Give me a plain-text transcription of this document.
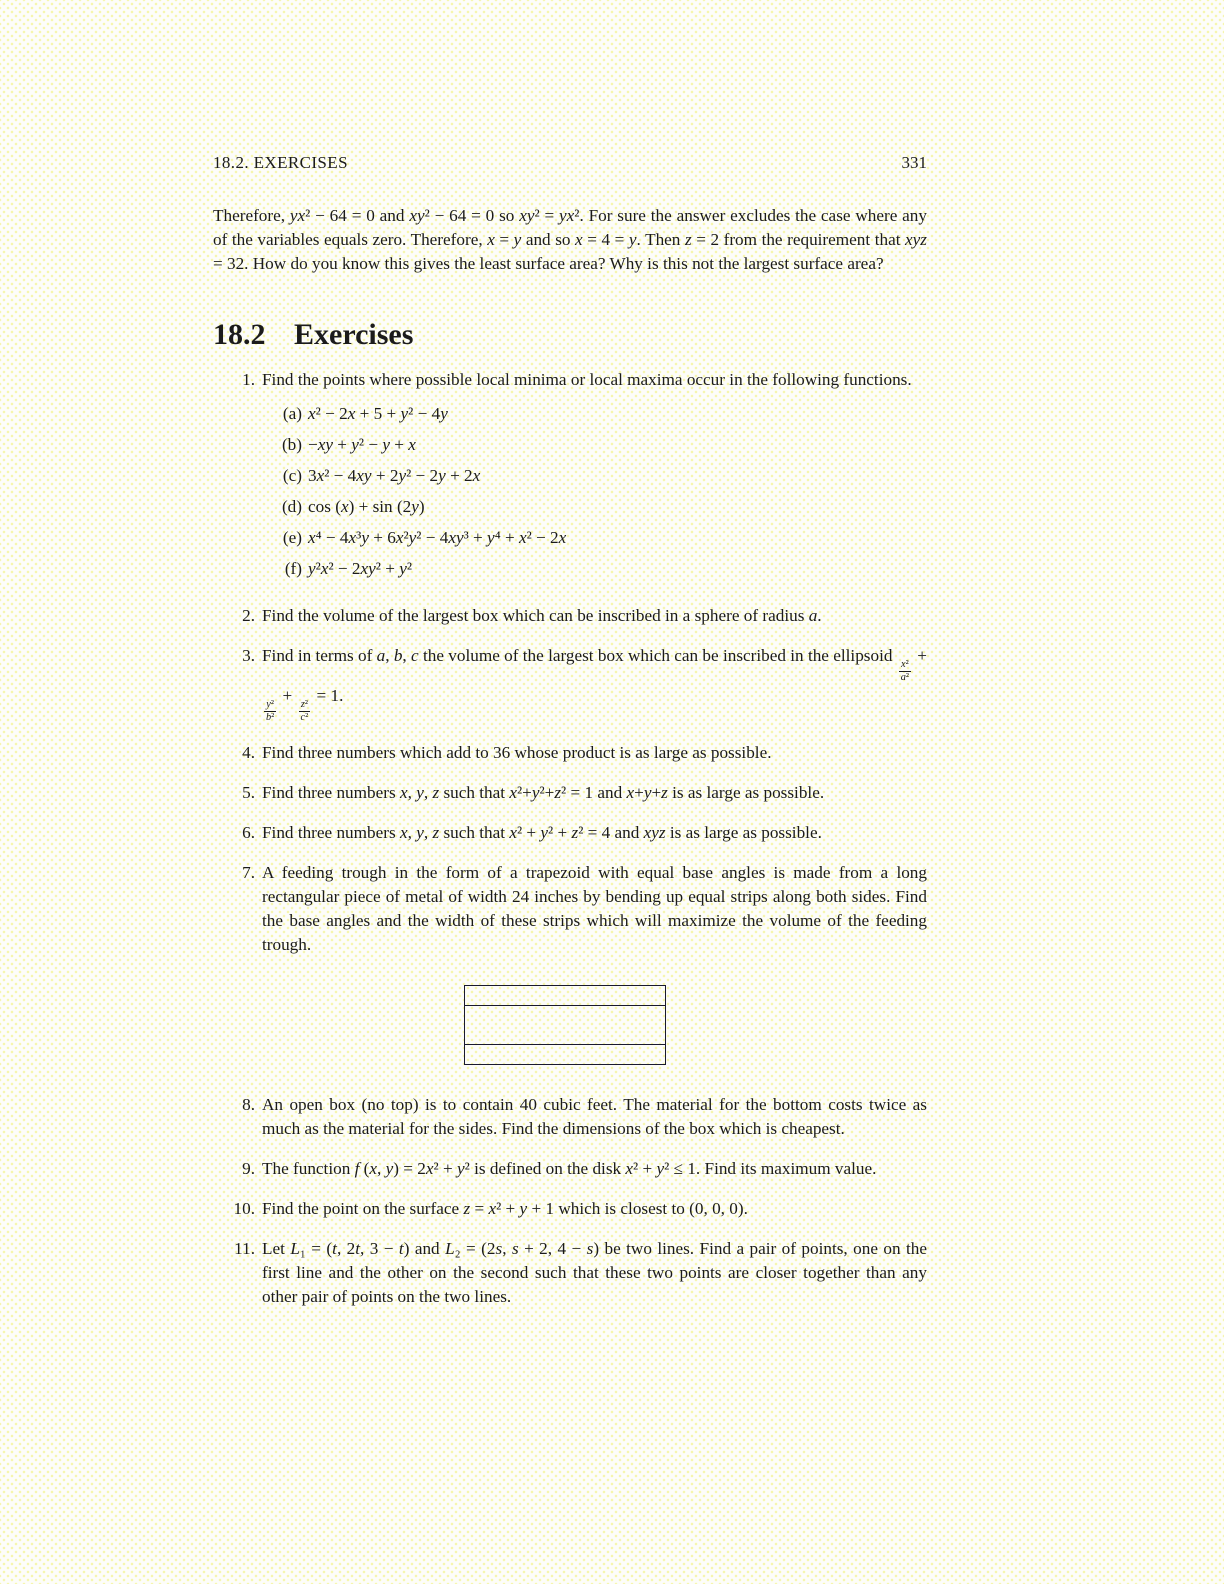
18.2. EXERCISES	331

Therefore, yx² − 64 = 0 and xy² − 64 = 0 so xy² = yx². For sure the answer excludes the case where any of the variables equals zero. Therefore, x = y and so x = 4 = y. Then z = 2 from the requirement that xyz = 32. How do you know this gives the least surface area? Why is this not the largest surface area?

18.2 Exercises
1. Find the points where possible local minima or local maxima occur in the following functions.
(a) x² − 2x + 5 + y² − 4y
(b) −xy + y² − y + x
(c) 3x² − 4xy + 2y² − 2y + 2x
(d) cos (x) + sin (2y)
(e) x⁴ − 4x³y + 6x²y² − 4xy³ + y⁴ + x² − 2x
(f) y²x² − 2xy² + y²
2. Find the volume of the largest box which can be inscribed in a sphere of radius a.
3. Find in terms of a, b, c the volume of the largest box which can be inscribed in the ellipsoid
$\frac{\text{x²}}{\text{a²}}$
+
$\frac{\text{y²}}{\text{b²}}$
+
$\frac{\text{z²}}{\text{c²}}$
= 1.
4. Find three numbers which add to 36 whose product is as large as possible.
5. Find three numbers x, y, z such that x²+y²+z² = 1 and x+y+z is as large as possible.
6. Find three numbers x, y, z such that x² + y² + z² = 4 and xyz is as large as possible.
7. A feeding trough in the form of a trapezoid with equal base angles is made from a long rectangular piece of metal of width 24 inches by bending up equal strips along both sides. Find the base angles and the width of these strips which will maximize the volume of the feeding trough.
8. An open box (no top) is to contain 40 cubic feet. The material for the bottom costs twice as much as the material for the sides. Find the dimensions of the box which is cheapest.
9. The function f (x, y) = 2x² + y² is defined on the disk x² + y² ≤ 1. Find its maximum value.
10. Find the point on the surface z = x² + y + 1 which is closest to (0, 0, 0).
11. Let L₁ = (t, 2t, 3 − t) and L₂ = (2s, s + 2, 4 − s) be two lines. Find a pair of points, one on the first line and the other on the second such that these two points are closer together than any other pair of points on the two lines.
